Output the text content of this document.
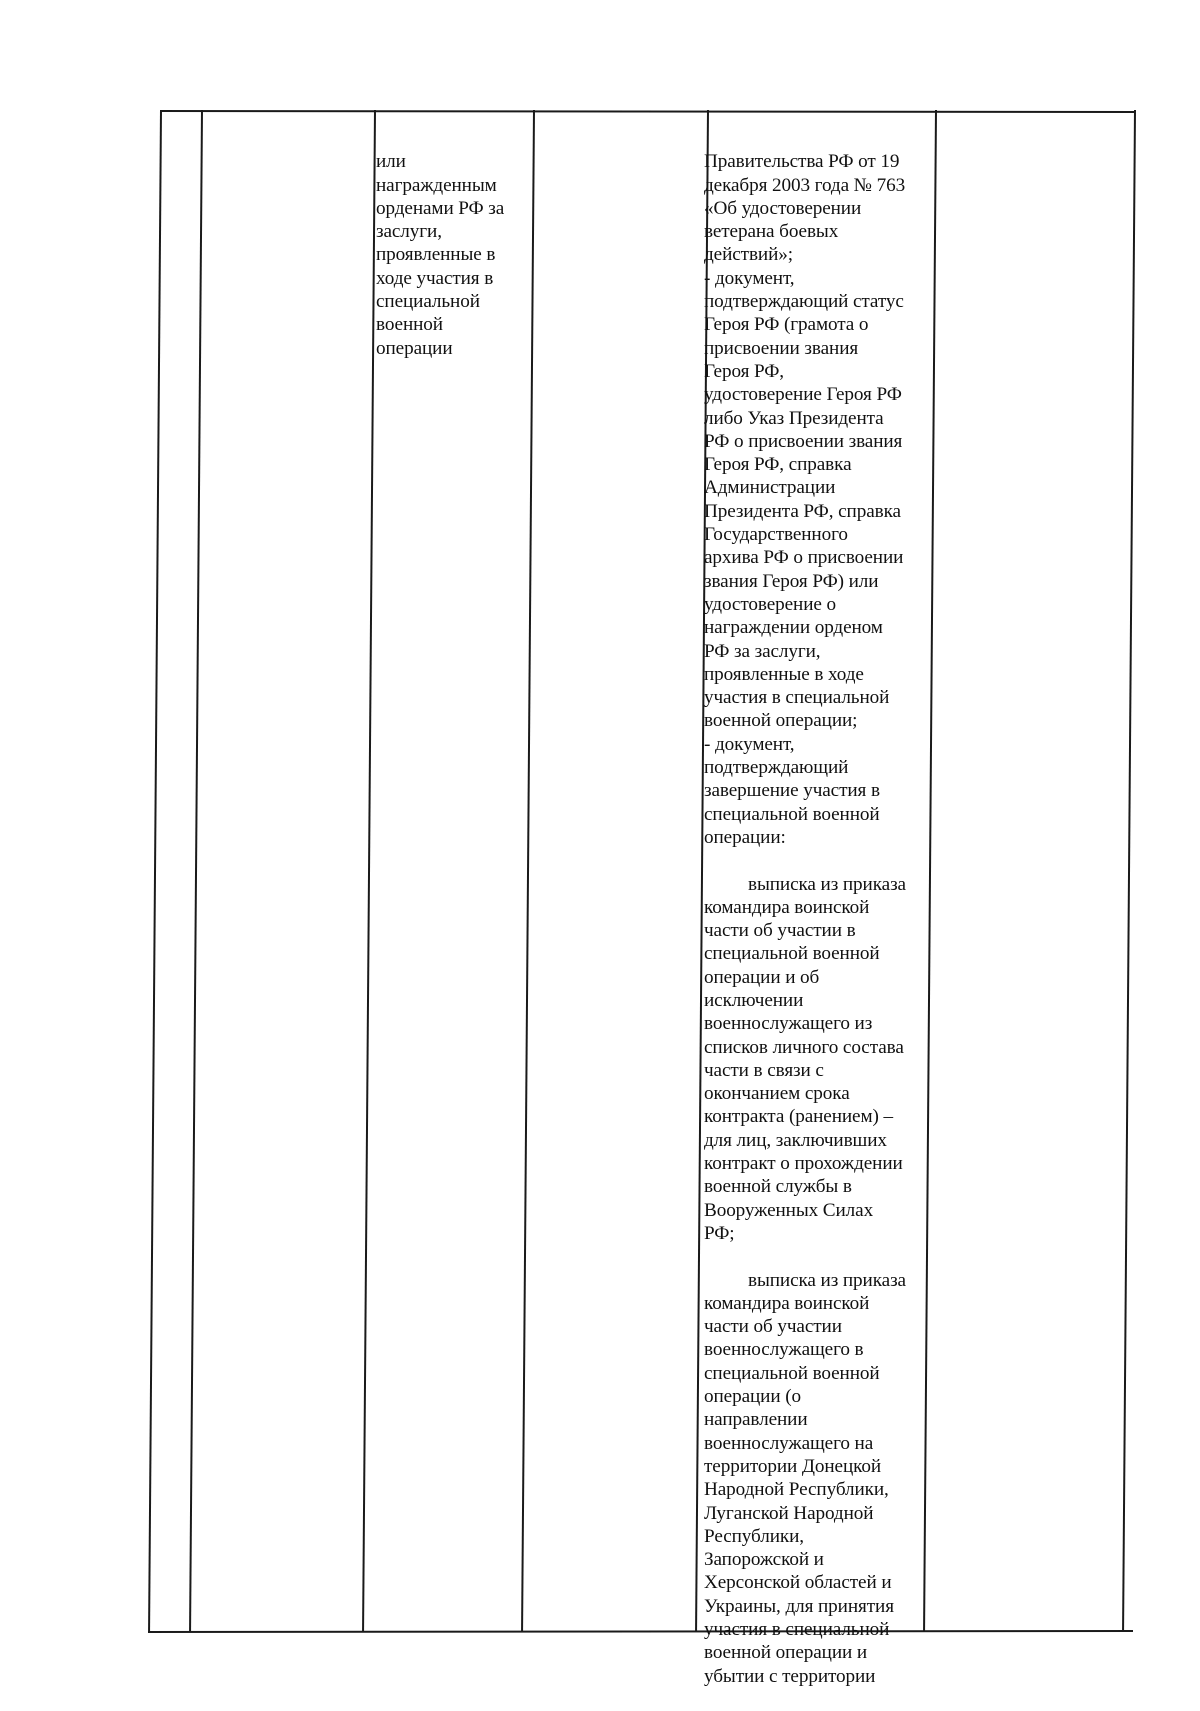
или
награжденным
орденами РФ за
заслуги,
проявленные в
ходе участия в
специальной
военной
операции

Правительства РФ от 19
декабря 2003 года № 763
«Об удостоверении
ветерана боевых
действий»;
- документ,
подтверждающий статус
Героя РФ (грамота о
присвоении звания
Героя РФ,
удостоверение Героя РФ
либо Указ Президента
РФ о присвоении звания
Героя РФ, справка
Администрации
Президента РФ, справка
Государственного
архива РФ о присвоении
звания Героя РФ) или
удостоверение о
награждении орденом
РФ за заслуги,
проявленные в ходе
участия в специальной
военной операции;
- документ,
подтверждающий
завершение участия в
специальной военной
операции:

выписка из приказа
командира воинской
части об участии в
специальной военной
операции и об
исключении
военнослужащего из
списков личного состава
части в связи с
окончанием срока
контракта (ранением) –
для лиц, заключивших
контракт о прохождении
военной службы в
Вооруженных Силах
РФ;

выписка из приказа
командира воинской
части об участии
военнослужащего в
специальной военной
операции (о
направлении
военнослужащего на
территории Донецкой
Народной Республики,
Луганской Народной
Республики,
Запорожской и
Херсонской областей и
Украины, для принятия
участия в специальной
военной операции и
убытии с территории
